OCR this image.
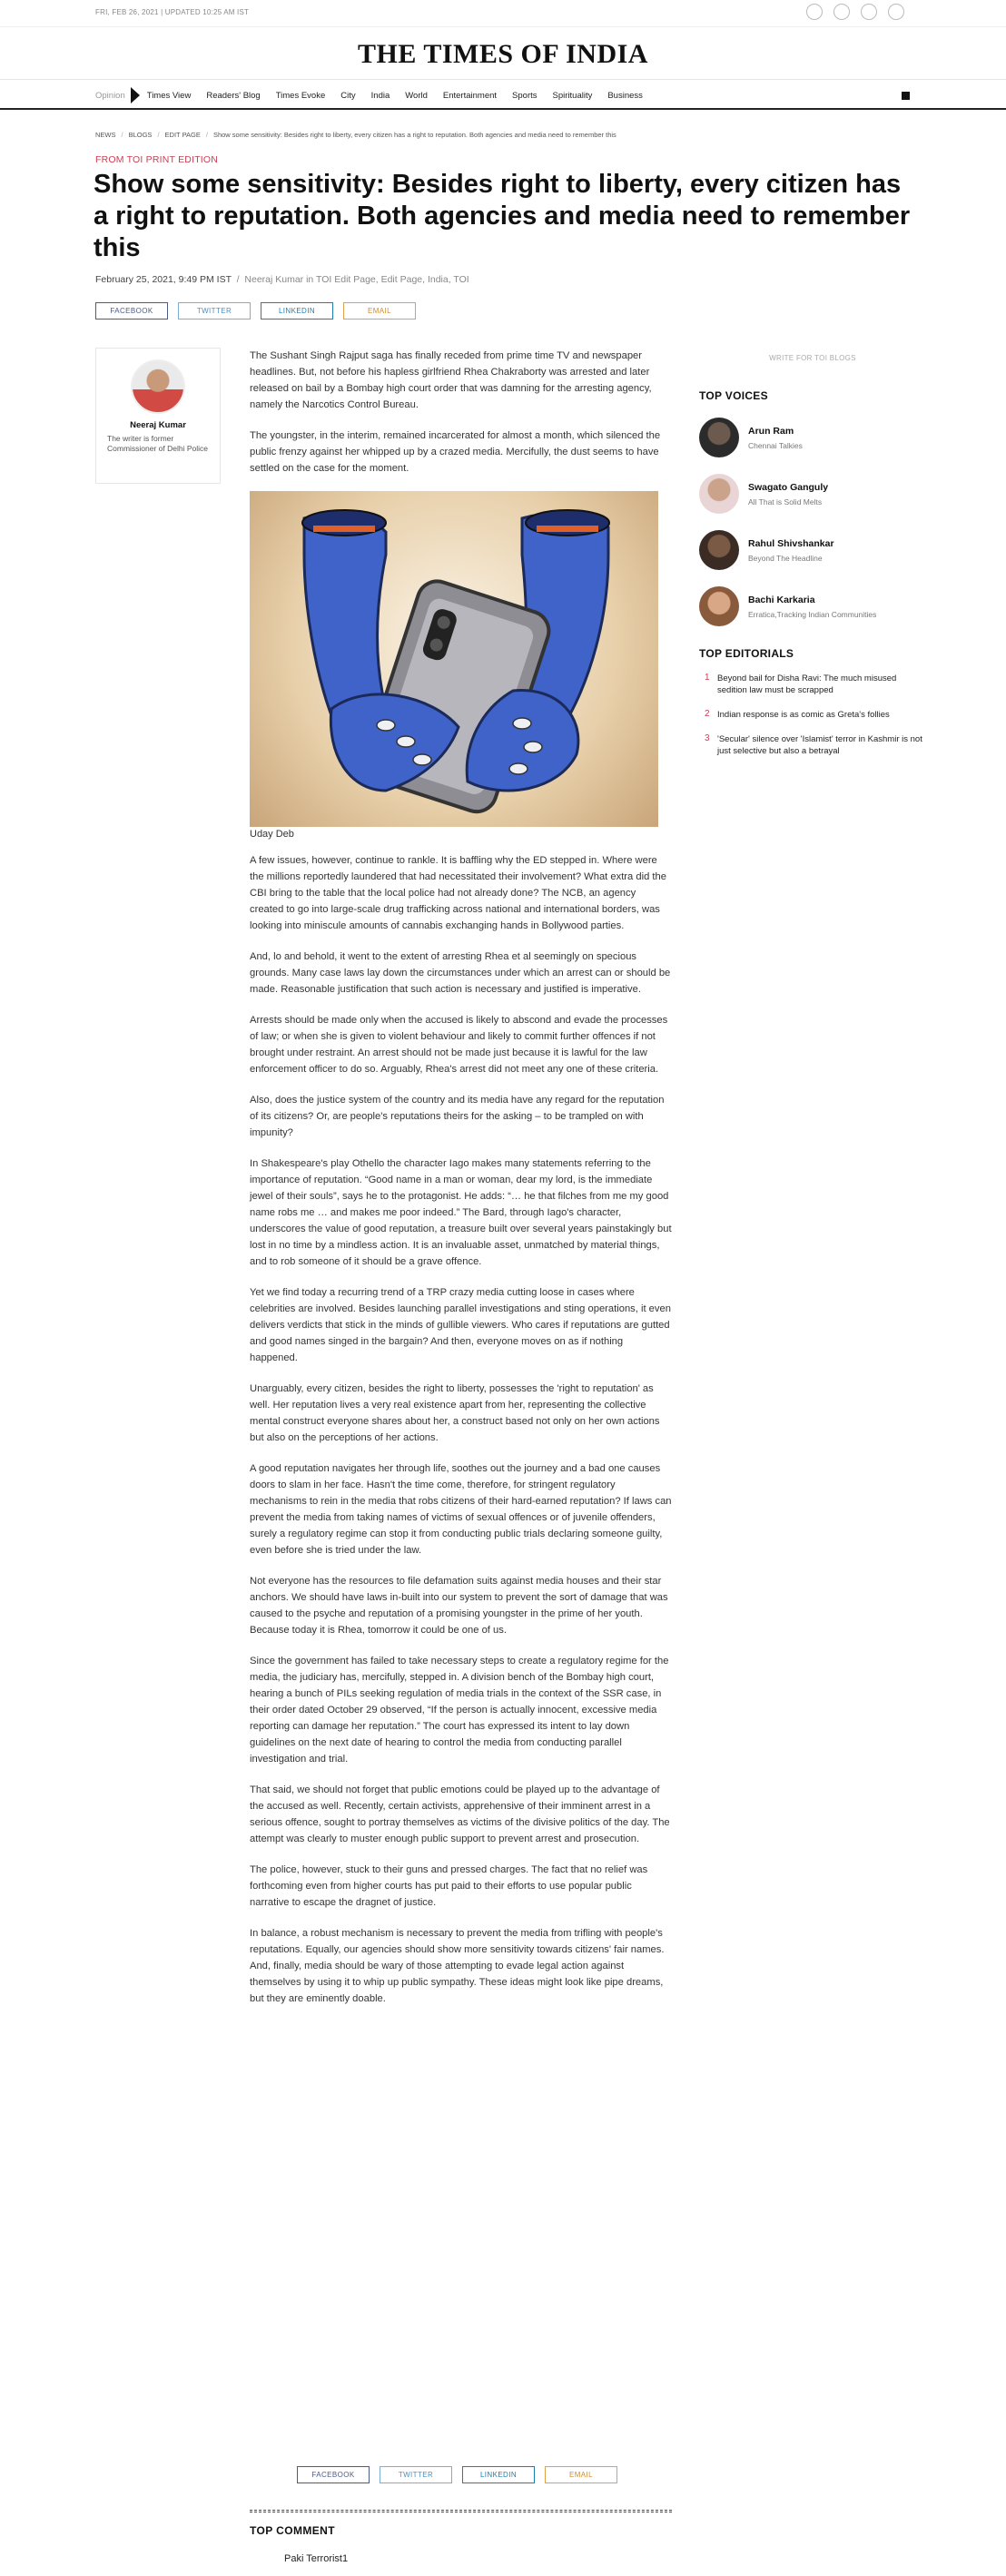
FRI, FEB 26, 2021 | UPDATED 10:25 AM IST
THE TIMES OF INDIA
Opinion	Times View Readers' Blog Times Evoke City India World Entertainment Sports Spirituality Business
NEWS / BLOGS / EDIT PAGE / Show some sensitivity: Besides right to liberty, every citizen has a right to reputation. Both agencies and media need to remember this
FROM TOI PRINT EDITION
Show some sensitivity: Besides right to liberty, every citizen has a right to reputation. Both agencies and media need to remember this
February 25, 2021, 9:49 PM IST  /  Neeraj Kumar in TOI Edit Page, Edit Page, India, TOI
FACEBOOK	TWITTER	LINKEDIN	EMAIL
Neeraj Kumar
The writer is former Commissioner of Delhi Police

The Sushant Singh Rajput saga has finally receded from prime time TV and newspaper headlines. But, not before his hapless girlfriend Rhea Chakraborty was arrested and later released on bail by a Bombay high court order that was damning for the arresting agency, namely the Narcotics Control Bureau.

The youngster, in the interim, remained incarcerated for almost a month, which silenced the public frenzy against her whipped up by a crazed media. Mercifully, the dust seems to have settled on the case for the moment.

Uday Deb

A few issues, however, continue to rankle. It is baffling why the ED stepped in. Where were the millions reportedly laundered that had necessitated their involvement? What extra did the CBI bring to the table that the local police had not already done? The NCB, an agency created to go into large-scale drug trafficking across national and international borders, was looking into miniscule amounts of cannabis exchanging hands in Bollywood parties.

And, lo and behold, it went to the extent of arresting Rhea et al seemingly on specious grounds. Many case laws lay down the circumstances under which an arrest can or should be made. Reasonable justification that such action is necessary and justified is imperative.

Arrests should be made only when the accused is likely to abscond and evade the processes of law; or when she is given to violent behaviour and likely to commit further offences if not brought under restraint. An arrest should not be made just because it is lawful for the law enforcement officer to do so. Arguably, Rhea's arrest did not meet any one of these criteria.

Also, does the justice system of the country and its media have any regard for the reputation of its citizens? Or, are people's reputations theirs for the asking – to be trampled on with impunity?

In Shakespeare's play Othello the character Iago makes many statements referring to the importance of reputation. “Good name in a man or woman, dear my lord, is the immediate jewel of their souls”, says he to the protagonist. He adds: “… he that filches from me my good name robs me … and makes me poor indeed.” The Bard, through Iago's character, underscores the value of good reputation, a treasure built over several years painstakingly but lost in no time by a mindless action. It is an invaluable asset, unmatched by material things, and to rob someone of it should be a grave offence.

Yet we find today a recurring trend of a TRP crazy media cutting loose in cases where celebrities are involved. Besides launching parallel investigations and sting operations, it even delivers verdicts that stick in the minds of gullible viewers. Who cares if reputations are gutted and good names singed in the bargain? And then, everyone moves on as if nothing happened.

Unarguably, every citizen, besides the right to liberty, possesses the 'right to reputation' as well. Her reputation lives a very real existence apart from her, representing the collective mental construct everyone shares about her, a construct based not only on her own actions but also on the perceptions of her actions.

A good reputation navigates her through life, soothes out the journey and a bad one causes doors to slam in her face. Hasn't the time come, therefore, for stringent regulatory mechanisms to rein in the media that robs citizens of their hard-earned reputation? If laws can prevent the media from taking names of victims of sexual offences or of juvenile offenders, surely a regulatory regime can stop it from conducting public trials declaring someone guilty, even before she is tried under the law.

Not everyone has the resources to file defamation suits against media houses and their star anchors. We should have laws in-built into our system to prevent the sort of damage that was caused to the psyche and reputation of a promising youngster in the prime of her youth. Because today it is Rhea, tomorrow it could be one of us.

Since the government has failed to take necessary steps to create a regulatory regime for the media, the judiciary has, mercifully, stepped in. A division bench of the Bombay high court, hearing a bunch of PILs seeking regulation of media trials in the context of the SSR case, in their order dated October 29 observed, “If the person is actually innocent, excessive media reporting can damage her reputation.” The court has expressed its intent to lay down guidelines on the next date of hearing to control the media from conducting parallel investigation and trial.

That said, we should not forget that public emotions could be played up to the advantage of the accused as well. Recently, certain activists, apprehensive of their imminent arrest in a serious offence, sought to portray themselves as victims of the divisive politics of the day. The attempt was clearly to muster enough public support to prevent arrest and prosecution.

The police, however, stuck to their guns and pressed charges. The fact that no relief was forthcoming even from higher courts has put paid to their efforts to use popular public narrative to escape the dragnet of justice.

In balance, a robust mechanism is necessary to prevent the media from trifling with people's reputations. Equally, our agencies should show more sensitivity towards citizens' fair names. And, finally, media should be wary of those attempting to evade legal action against themselves by using it to whip up public sympathy. These ideas might look like pipe dreams, but they are eminently doable.

WRITE FOR TOI BLOGS
TOP VOICES
Arun Ram
Chennai Talkies
Swagato Ganguly
All That is Solid Melts
Rahul Shivshankar
Beyond The Headline
Bachi Karkaria
Erratica,Tracking Indian Communities
TOP EDITORIALS
1 Beyond bail for Disha Ravi: The much misused sedition law must be scrapped
2 Indian response is as comic as Greta's follies
3 'Secular' silence over 'Islamist' terror in Kashmir is not just selective but also a betrayal
FACEBOOK	TWITTER	LINKEDIN	EMAIL
TOP COMMENT
Paki Terrorist1
